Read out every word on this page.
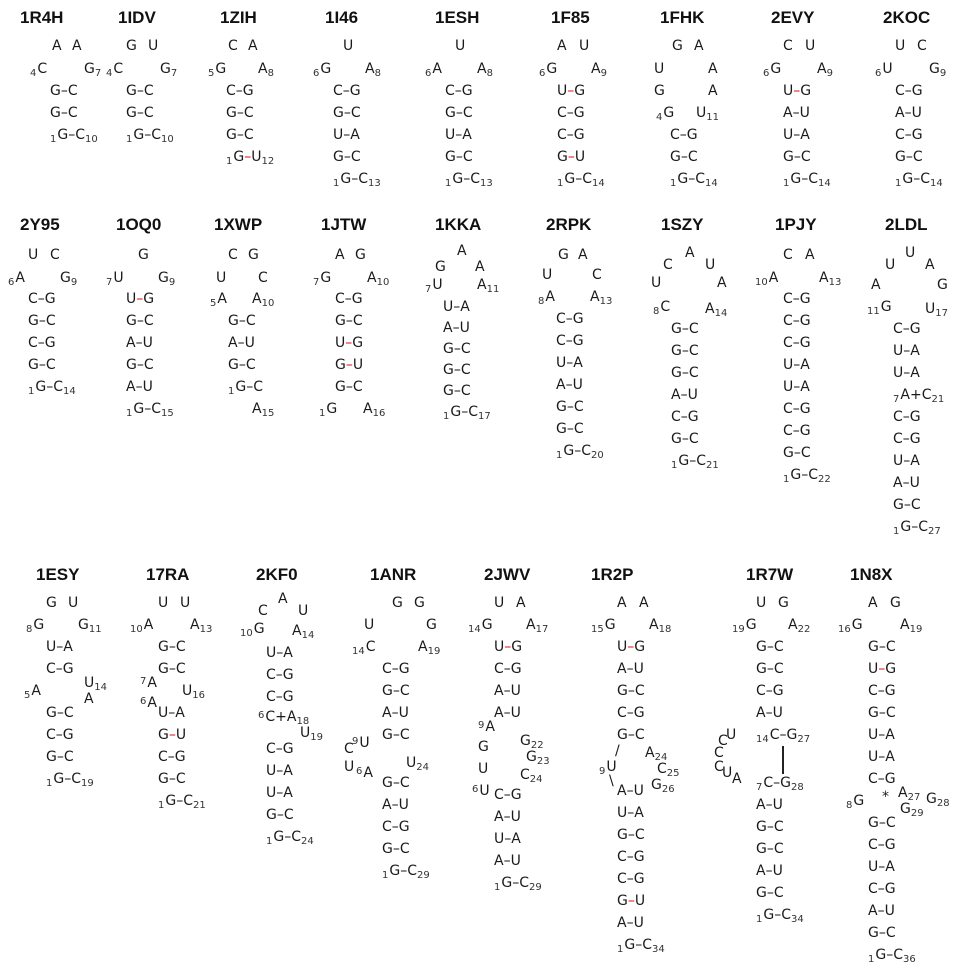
1R4H
A A
$_4$C	$G_7$
G–C
G–C
$_1G-C_{10}$
1IDV
G U
$_4$C	$G_7$
G–C
G–C
$_1G-C_{10}$
1ZIH
C A
$_5$G $A_8$
C–G
G–C
G–C
$_1G-U_{12}$
1I46
U
$_6$G $A_8$
C–G
G–C
U–A
G–C
$_1G-C_{13}$
1ESH
U
$_6$A	$A_8$
C–G
G–C
U–A
G–C
$_1G-C_{13}$
1F85
A U
$_6$G $A_9$
U–G
C–G
C–G
G–U
$_1G-C_{14}$
1FHK
G A
U	A
G	A
$_4$G $U_{11}$
C–G
G–C
$_1G-C_{14}$
2EVY
C U
$_6$G	$A_9$
U–G
A–U
U–A
G–C
$_1G-C_{14}$
2KOC
U C
$_6$U	$G_9$
C–G
A–U
C–G
G–C
$_1G-C_{14}$
2Y95
U C
$_6$A	$G_9$
C–G
G–C
C–G
G–C
$_1G-C_{14}$
1OQ0
G
$_7$U $G_9$
U–G
G–C
A–U
G–C
A–U
$_1G-C_{15}$
1XWP
C G
U C
$_5$A $A_{10}$
G–C
A–U
G–C
$_1$G–C
$A_{15}$
1JTW
A G
$_7$G	$A_{10}$
C–G
G–C
U–G
G–U
G–C
$_1$G $A_{16}$
1KKA
A
G A
$_7$U $A_{11}$
U–A
A–U
G–C
G–C
G–C
$_1G-C_{17}$
2RPK
G A
U	C
$_8$A	$A_{13}$
C–G
C–G
U–A
A–U
G–C
G–C
$_1G-C_{20}$
1SZY
A
C U
U	A
$_8$C $A_{14}$
G–C
G–C
G–C
A–U
C–G
G–C
$_1G-C_{21}$
1PJY
C A
$_{10}$A	$A_{13}$
C–G
C–G
C–G
U–A
U–A
C–G
C–G
G–C
$_1G-C_{22}$
2LDL
U
U A
A	G
$_{11}$G $U_{17}$
C–G
U–A
U–A
$_7A+C_{21}$
C–G
C–G
U–A
A–U
G–C
$_1G-C_{27}$
1ESY
G U
$_8$G $G_{11}$
U–A
C–G
$U_{14}$
$_5$A	A
G–C
C–G
G–C
$_1G-C_{19}$
17RA
U U
$_{10}$A	$A_{13}$
G–C
G–C
$^7$A $U_{16}$
$^6$A
U–A
G–U
C–G
G–C
$_1G-C_{21}$
2KF0
A
C U
$_{10}$G $A_{14}$
U–A
C–G
C–G
$^6C+A_{18}$
$U_{19}$
C–G
U–A
U–A
G–C
$_1G-C_{24}$
1ANR
G G
U	G
$_{14}$C	$A_{19}$
C–G
G–C
A–U
G–C
C
$^9$U
$U_{24}$
U $^6$A
G–C
A–U
C–G
G–C
$_1G-C_{29}$
2JWV
U A
$_{14}$G $A_{17}$
U–G
C–G
A–U
A–U
$^9$A
G $G_{22}$
$G_{23}$
U $C_{24}$
$^6$U C–G
A–U
U–A
A–U
$_1G-C_{29}$
1R2P
A A
$_{15}$G $A_{18}$
U–G
A–U
G–C
C–G
G–C
/ $A_{24}$
$_9$U	$C_{25}$
\	$G_{26}$
A–U
U–A
G–C
C–G
C–G
G–U
A–U
$_1G-C_{34}$
1R7W
U G
$_{19}$G $A_{22}$
G–C
G–C
C–G
A–U
$_{14}C-G_{27}$
C
U
C
C
U A
$_7C-G_{28}$
A–U
G–C
G–C
A–U
G–C
$_1G-C_{34}$
1N8X
A G
$_{16}$G	$A_{19}$
G–C
U–G
C–G
G–C
U–A
U–A
C–G
$_8G * A_{27}$ $G_{28}$
$G_{29}$
G–C
C–G
U–A
C–G
A–U
G–C
$_1G-C_{36}$
